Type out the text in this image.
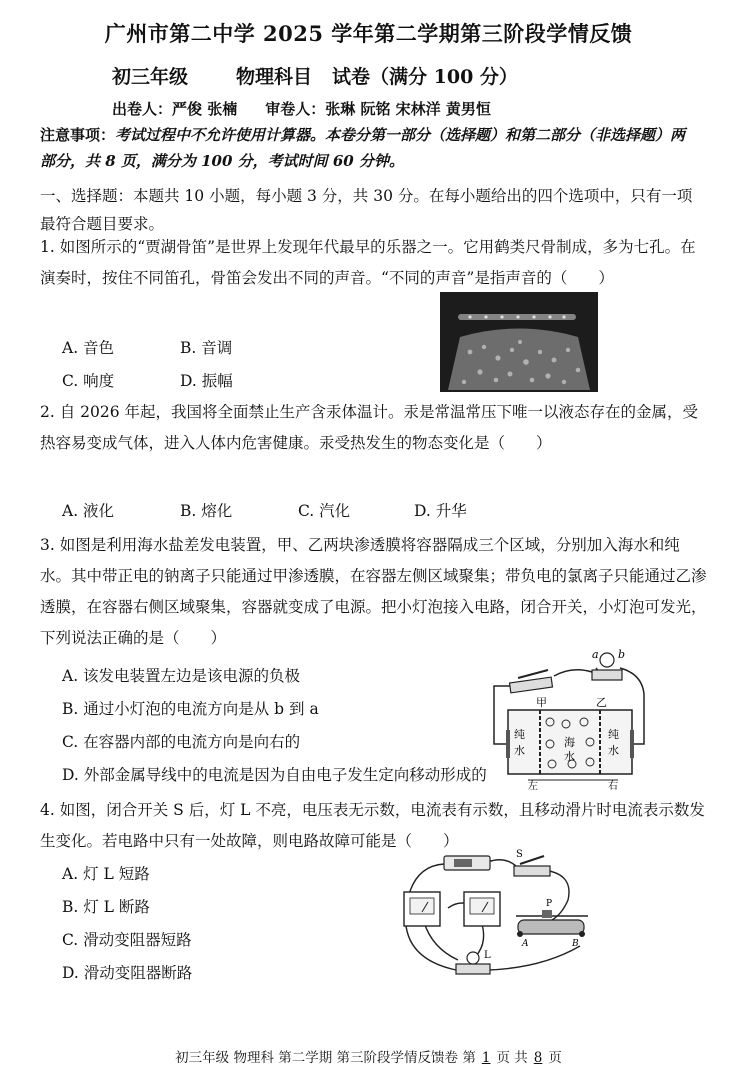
广州市第二中学 2025 学年第二学期第三阶段学情反馈
初三年级	物理科目 试卷（满分 100 分）
出卷人：严俊 张楠 审卷人：张琳 阮铭 宋林洋 黄男恒
注意事项：考试过程中不允许使用计算器。本卷分第一部分（选择题）和第二部分（非选择题）两部分，共 8 页，满分为 100 分，考试时间 60 分钟。
一、选择题：本题共 10 小题，每小题 3 分，共 30 分。在每小题给出的四个选项中，只有一项最符合题目要求。
1. 如图所示的“贾湖骨笛”是世界上发现年代最早的乐器之一。它用鹤类尺骨制成，多为七孔。在演奏时，按住不同笛孔，骨笛会发出不同的声音。“不同的声音”是指声音的（　　）
A. 音色	B. 音调
C. 响度	D. 振幅
2. 自 2026 年起，我国将全面禁止生产含汞体温计。汞是常温常压下唯一以液态存在的金属，受热容易变成气体，进入人体内危害健康。汞受热发生的物态变化是（　　）
A. 液化	B. 熔化	C. 汽化	D. 升华
3. 如图是利用海水盐差发电装置，甲、乙两块渗透膜将容器隔成三个区域，分别加入海水和纯水。其中带正电的钠离子只能通过甲渗透膜，在容器左侧区域聚集；带负电的氯离子只能通过乙渗透膜，在容器右侧区域聚集，容器就变成了电源。把小灯泡接入电路，闭合开关，小灯泡可发光，下列说法正确的是（　　）
A. 该发电装置左边是该电源的负极
B. 通过小灯泡的电流方向是从 b 到 a
C. 在容器内部的电流方向是向右的
D. 外部金属导线中的电流是因为自由电子发生定向移动形成的
a b
纯
水
纯
水
海
水
甲	乙
左	右
4. 如图，闭合开关 S 后，灯 L 不亮，电压表无示数，电流表有示数，且移动滑片时电流表示数发生变化。若电路中只有一处故障，则电路故障可能是（　　）
A. 灯 L 短路
B. 灯 L 断路
C. 滑动变阻器短路
D. 滑动变阻器断路
S
P
A	B
L
初三年级 物理科 第二学期 第三阶段学情反馈卷 第 1 页 共 8 页
